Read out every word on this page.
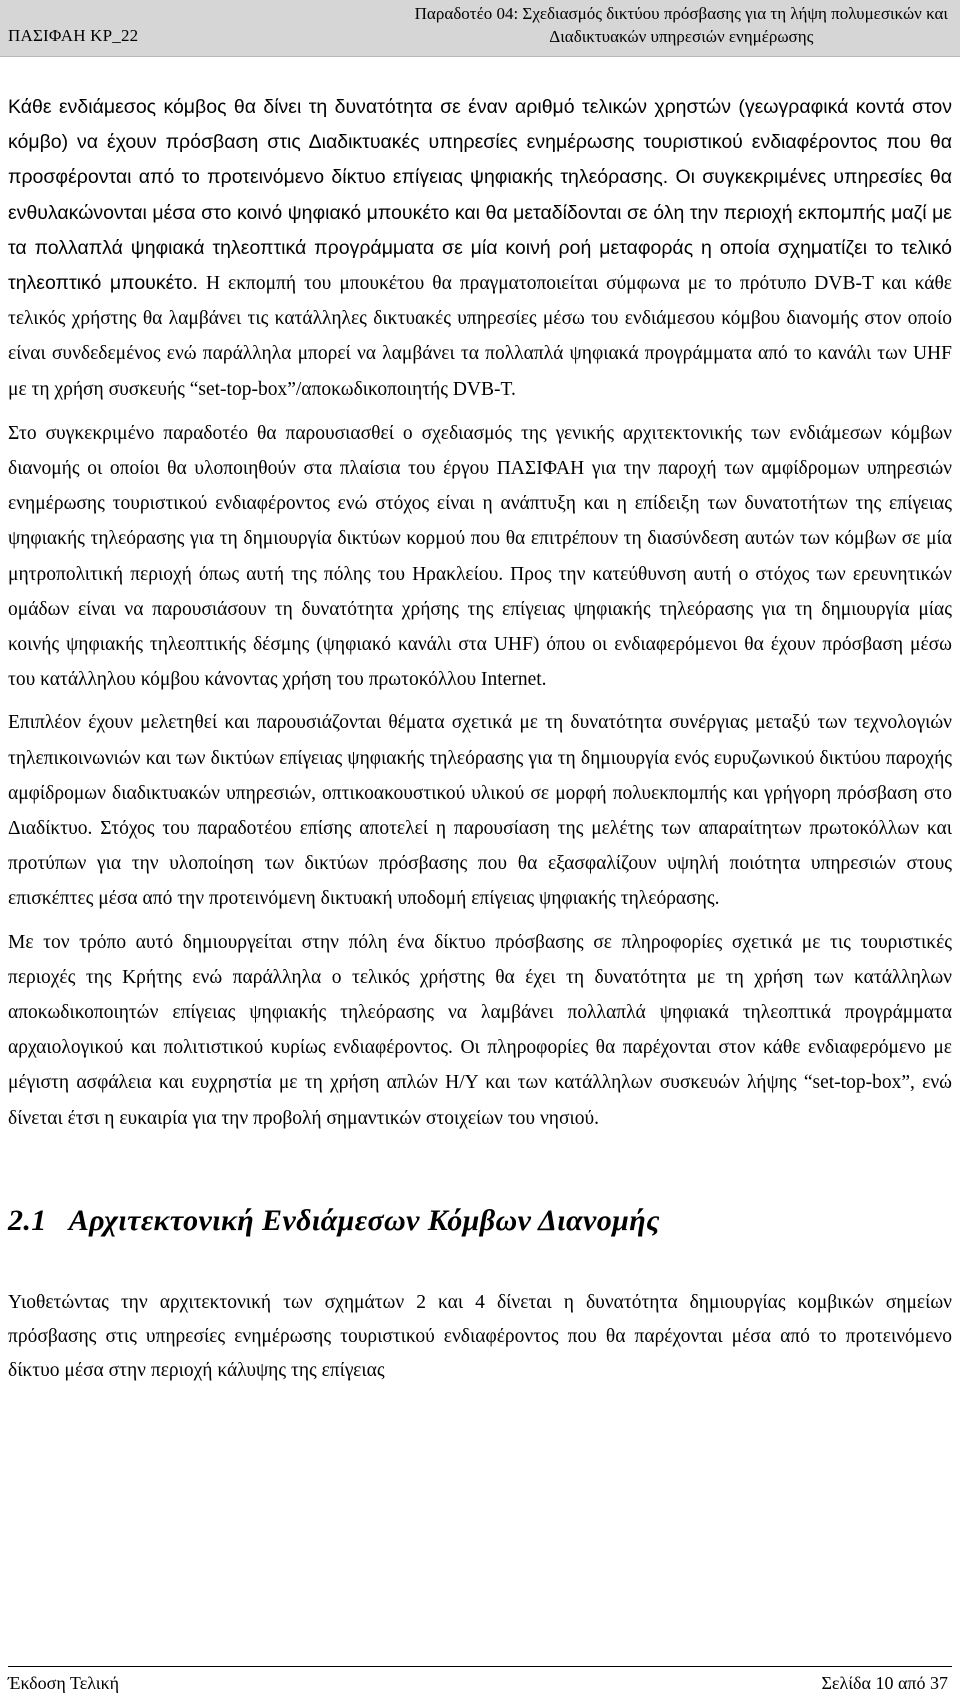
ΠΑΣΙΦΑΗ ΚΡ_22
Παραδοτέο 04: Σχεδιασμός δικτύου πρόσβασης για τη λήψη πολυμεσικών και
Διαδικτυακών υπηρεσιών ενημέρωσης

Κάθε ενδιάμεσος κόμβος θα δίνει τη δυνατότητα σε έναν αριθμό τελικών χρηστών (γεωγραφικά κοντά στον κόμβο) να έχουν πρόσβαση στις Διαδικτυακές υπηρεσίες ενημέρωσης τουριστικού ενδιαφέροντος που θα προσφέρονται από το προτεινόμενο δίκτυο επίγειας ψηφιακής τηλεόρασης. Οι συγκεκριμένες υπηρεσίες θα ενθυλακώνονται μέσα στο κοινό ψηφιακό μπουκέτο και θα μεταδίδονται σε όλη την περιοχή εκπομπής μαζί με τα πολλαπλά ψηφιακά τηλεοπτικά προγράμματα σε μία κοινή ροή μεταφοράς η οποία σχηματίζει το τελικό τηλεοπτικό μπουκέτο. Η εκπομπή του μπουκέτου θα πραγματοποιείται σύμφωνα με το πρότυπο DVB-T και κάθε τελικός χρήστης θα λαμβάνει τις κατάλληλες δικτυακές υπηρεσίες μέσω του ενδιάμεσου κόμβου διανομής στον οποίο είναι συνδεδεμένος ενώ παράλληλα μπορεί να λαμβάνει τα πολλαπλά ψηφιακά προγράμματα από το κανάλι των UHF με τη χρήση συσκευής “set-top-box”/αποκωδικοποιητής DVB-T.

Στο συγκεκριμένο παραδοτέο θα παρουσιασθεί ο σχεδιασμός της γενικής αρχιτεκτονικής των ενδιάμεσων κόμβων διανομής οι οποίοι θα υλοποιηθούν στα πλαίσια του έργου ΠΑΣΙΦΑΗ για την παροχή των αμφίδρομων υπηρεσιών ενημέρωσης τουριστικού ενδιαφέροντος ενώ στόχος είναι η ανάπτυξη και η επίδειξη των δυνατοτήτων της επίγειας ψηφιακής τηλεόρασης για τη δημιουργία δικτύων κορμού που θα επιτρέπουν τη διασύνδεση αυτών των κόμβων σε μία μητροπολιτική περιοχή όπως αυτή της πόλης του Ηρακλείου. Προς την κατεύθυνση αυτή ο στόχος των ερευνητικών ομάδων είναι να παρουσιάσουν τη δυνατότητα χρήσης της επίγειας ψηφιακής τηλεόρασης για τη δημιουργία μίας κοινής ψηφιακής τηλεοπτικής δέσμης (ψηφιακό κανάλι στα UHF) όπου οι ενδιαφερόμενοι θα έχουν πρόσβαση μέσω του κατάλληλου κόμβου κάνοντας χρήση του πρωτοκόλλου Internet.

Επιπλέον έχουν μελετηθεί και παρουσιάζονται θέματα σχετικά με τη δυνατότητα συνέργιας μεταξύ των τεχνολογιών τηλεπικοινωνιών και των δικτύων επίγειας ψηφιακής τηλεόρασης για τη δημιουργία ενός ευρυζωνικού δικτύου παροχής αμφίδρομων διαδικτυακών υπηρεσιών, οπτικοακουστικού υλικού σε μορφή πολυεκπομπής και γρήγορη πρόσβαση στο Διαδίκτυο. Στόχος του παραδοτέου επίσης αποτελεί η παρουσίαση της μελέτης των απαραίτητων πρωτοκόλλων και προτύπων για την υλοποίηση των δικτύων πρόσβασης που θα εξασφαλίζουν υψηλή ποιότητα υπηρεσιών στους επισκέπτες μέσα από την προτεινόμενη δικτυακή υποδομή επίγειας ψηφιακής τηλεόρασης.

Με τον τρόπο αυτό δημιουργείται στην πόλη ένα δίκτυο πρόσβασης σε πληροφορίες σχετικά με τις τουριστικές περιοχές της Κρήτης ενώ παράλληλα ο τελικός χρήστης θα έχει τη δυνατότητα με τη χρήση των κατάλληλων αποκωδικοποιητών επίγειας ψηφιακής τηλεόρασης να λαμβάνει πολλαπλά ψηφιακά τηλεοπτικά προγράμματα αρχαιολογικού και πολιτιστικού κυρίως ενδιαφέροντος. Οι πληροφορίες θα παρέχονται στον κάθε ενδιαφερόμενο με μέγιστη ασφάλεια και ευχρηστία με τη χρήση απλών Η/Υ και των κατάλληλων συσκευών λήψης “set-top-box”, ενώ δίνεται έτσι η ευκαιρία για την προβολή σημαντικών στοιχείων του νησιού.

2.1 Αρχιτεκτονική Ενδιάμεσων Κόμβων Διανομής

Υιοθετώντας την αρχιτεκτονική των σχημάτων 2 και 4 δίνεται η δυνατότητα δημιουργίας κομβικών σημείων πρόσβασης στις υπηρεσίες ενημέρωσης τουριστικού ενδιαφέροντος που θα παρέχονται μέσα από το προτεινόμενο δίκτυο μέσα στην περιοχή κάλυψης της επίγειας

Έκδοση Τελική	Σελίδα 10 από 37
